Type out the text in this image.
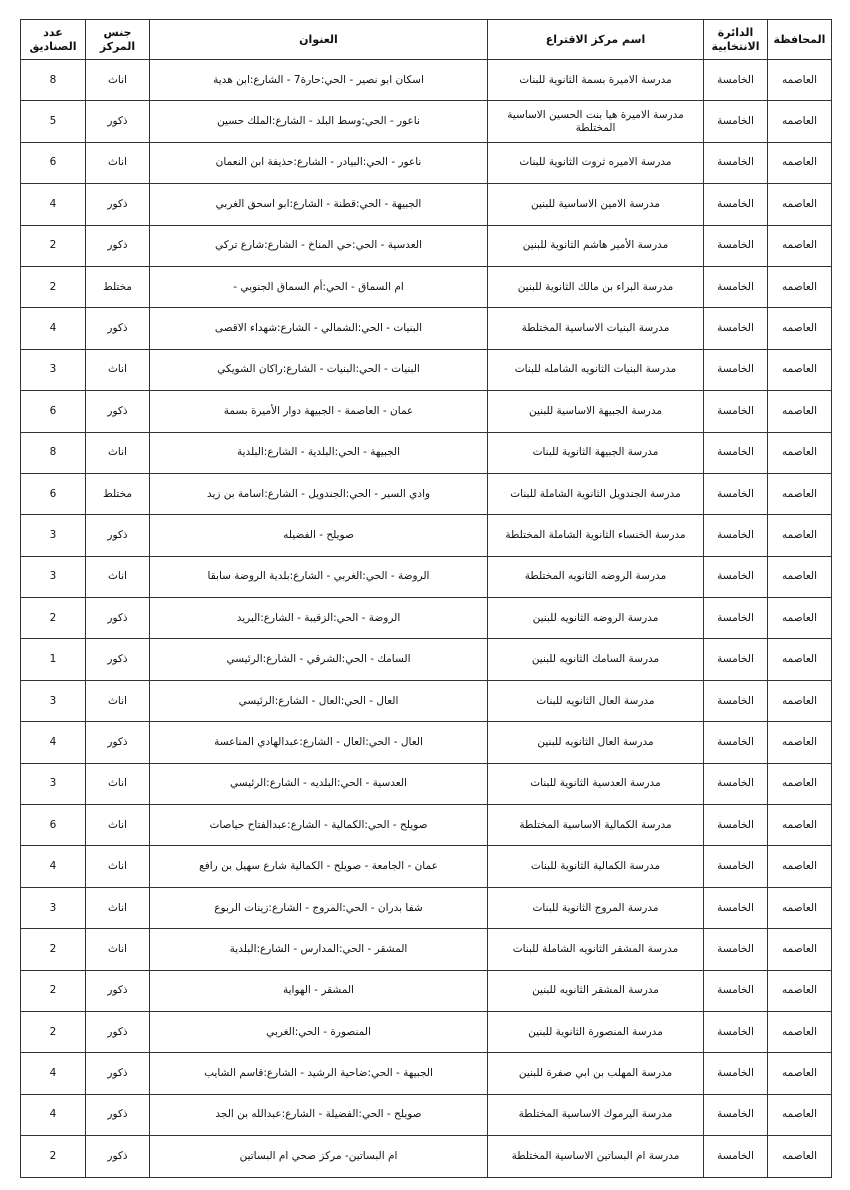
المحافظة	الدائرة الانتخابية	اسم مركز الاقتراع	العنوان	جنس المركز	عدد الصناديق
العاصمه	الخامسة	مدرسة الاميرة بسمة الثانوية للبنات	اسكان ابو نصير - الحي:حارة7 - الشارع:ابن هدية	اناث	8
العاصمه	الخامسة	مدرسة الاميرة هيا بنت الحسين الاساسية المختلطة	ناعور - الحي:وسط البلد - الشارع:الملك حسين	ذكور	5
العاصمه	الخامسة	مدرسة الاميره ثروت الثانوية للبنات	ناعور - الحي:البيادر - الشارع:حذيفة ابن النعمان	اناث	6
العاصمه	الخامسة	مدرسة الامين الاساسية للبنين	الجبيهة - الحي:قطنة - الشارع:ابو اسحق الغربي	ذكور	4
العاصمه	الخامسة	مدرسة الأمير هاشم الثانوية للبنين	العدسية - الحي:حي المناخ - الشارع:شارع تركي	ذكور	2
العاصمه	الخامسة	مدرسة البراء بن مالك الثانوية للبنين	ام السماق - الحي:أم السماق الجنوبي -	مختلط	2
العاصمه	الخامسة	مدرسة البنيات الاساسية المختلطة	البنيات - الحي:الشمالي - الشارع:شهداء الاقصى	ذكور	4
العاصمه	الخامسة	مدرسة البنيات الثانويه الشامله للبنات	البنيات - الحي:البنيات - الشارع:راكان الشويكي	اناث	3
العاصمه	الخامسة	مدرسة الجبيهة الاساسية للبنين	عمان - العاصمة - الجبيهة دوار الأميرة بسمة	ذكور	6
العاصمه	الخامسة	مدرسة الجبيهة الثانوية للبنات	الجبيهة - الحي:البلدية - الشارع:البلدية	اناث	8
العاصمه	الخامسة	مدرسة الجندويل الثانوية الشاملة للبنات	وادي السير - الحي:الجندويل - الشارع:اسامة بن زيد	مختلط	6
العاصمه	الخامسة	مدرسة الخنساء الثانوية الشاملة المختلطة	صويلح - الفضيله	ذكور	3
العاصمه	الخامسة	مدرسة الروضه الثانويه المختلطة	الروضة - الحي:الغربي - الشارع:بلدية الروضة سابقا	اناث	3
العاصمه	الخامسة	مدرسة الروضه الثانويه للبنين	الروضة - الحي:الزقيبة - الشارع:البريد	ذكور	2
العاصمه	الخامسة	مدرسة السامك الثانويه للبنين	السامك - الحي:الشرقي - الشارع:الرئيسي	ذكور	1
العاصمه	الخامسة	مدرسة العال الثانويه للبنات	العال - الحي:العال - الشارع:الرئيسي	اناث	3
العاصمه	الخامسة	مدرسة العال الثانويه للبنين	العال - الحي:العال - الشارع:عبدالهادي المناعسة	ذكور	4
العاصمه	الخامسة	مدرسة العدسية الثانوية للبنات	العدسية - الحي:البلديه - الشارع:الرئيسي	اناث	3
العاصمه	الخامسة	مدرسة الكمالية الاساسية المختلطة	صويلح - الحي:الكمالية - الشارع:عبدالفتاح حياصات	اناث	6
العاصمه	الخامسة	مدرسة الكمالية الثانوية للبنات	عمان - الجامعة - صويلح - الكمالية شارع سهيل بن رافع	اناث	4
العاصمه	الخامسة	مدرسة المروج الثانوية للبنات	شفا بدران - الحي:المروج - الشارع:زينات الربوع	اناث	3
العاصمه	الخامسة	مدرسة المشقر الثانويه الشاملة للبنات	المشقر - الحي:المدارس - الشارع:البلدية	اناث	2
العاصمه	الخامسة	مدرسة المشقر الثانويه للبنين	المشقر - الهواية	ذكور	2
العاصمه	الخامسة	مدرسة المنصورة الثانوية للبنين	المنصورة - الحي:الغربي	ذكور	2
العاصمه	الخامسة	مدرسة المهلب بن ابي صفرة للبنين	الجبيهة - الحي:ضاحية الرشيد - الشارع:قاسم الشايب	ذكور	4
العاصمه	الخامسة	مدرسة اليرموك الاساسية المختلطة	صويلح - الحي:الفضيلة - الشارع:عبدالله بن الجد	ذكور	4
العاصمه	الخامسة	مدرسة ام البساتين الاساسية المختلطة	ام البساتين- مركز صحي ام البساتين	ذكور	2
